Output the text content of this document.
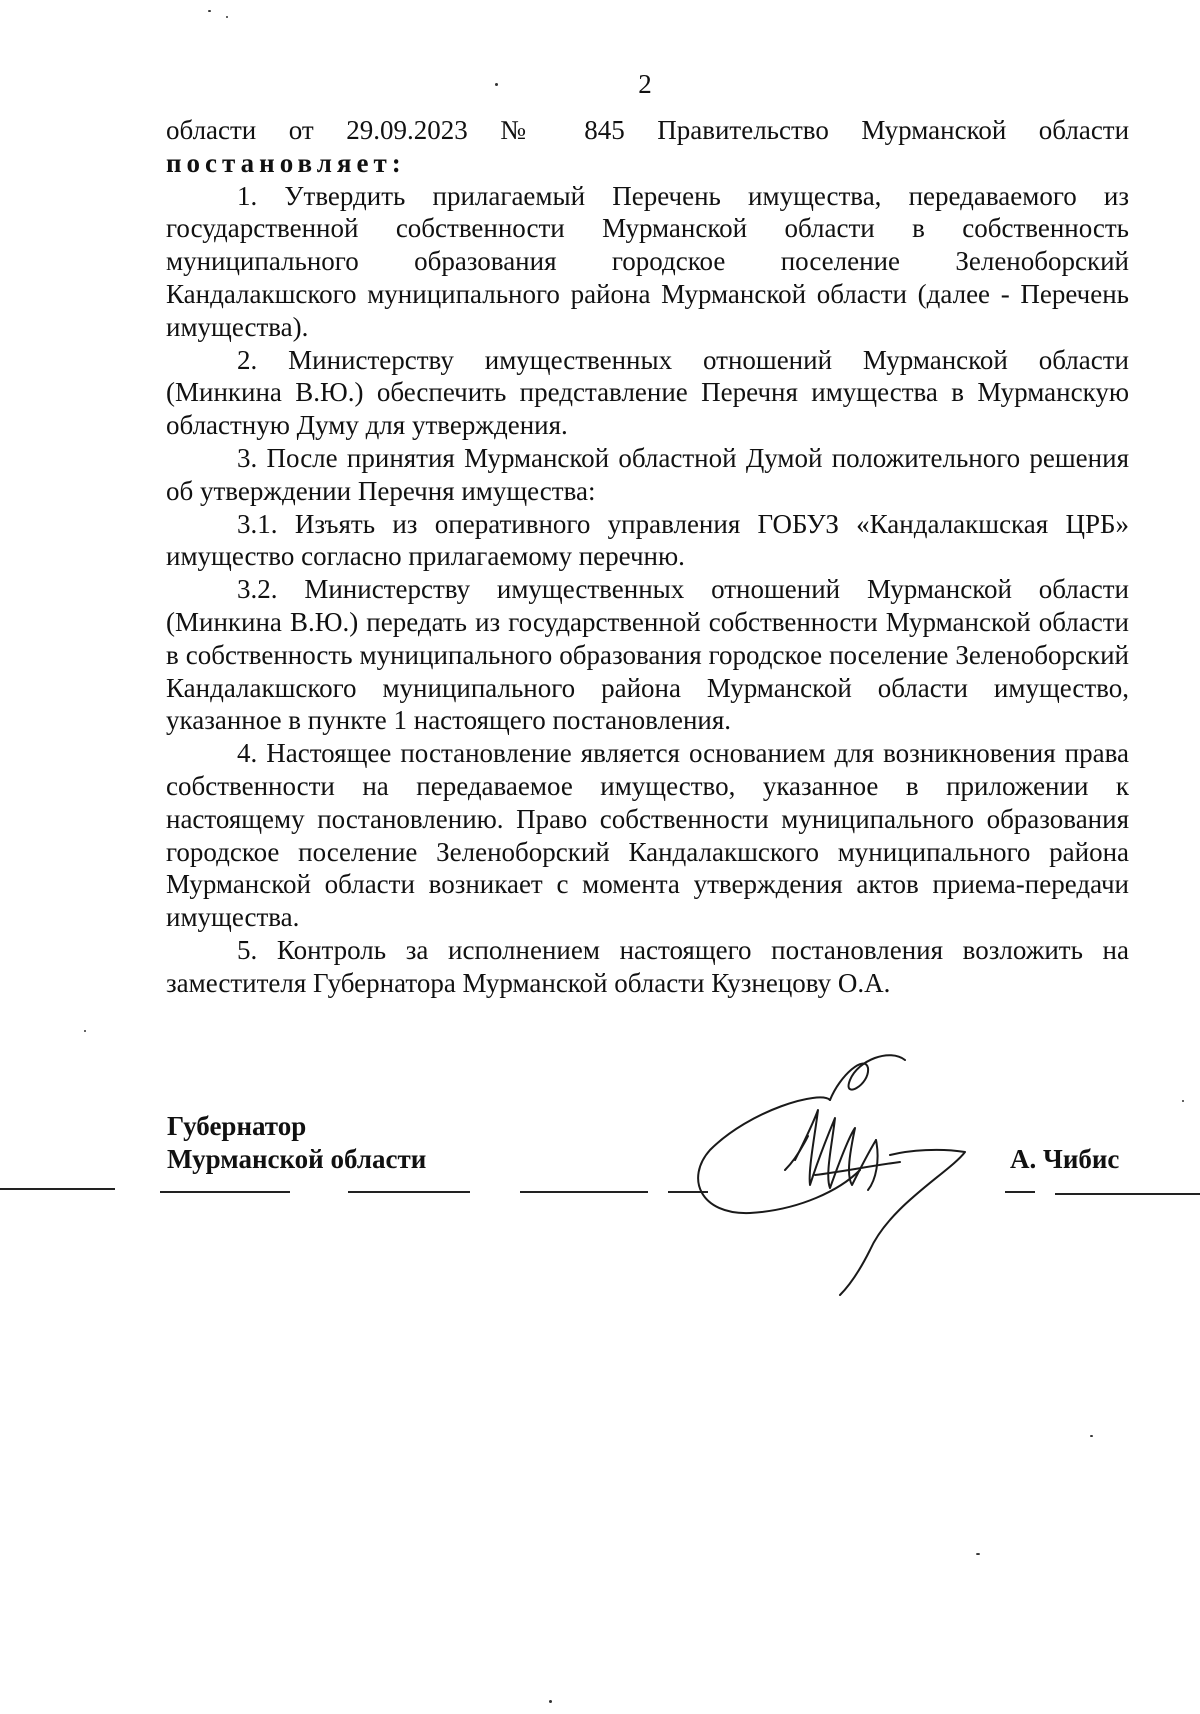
2

области от 29.09.2023 № 845 Правительство Мурманской области

постановляет:

1. Утвердить прилагаемый Перечень имущества, передаваемого из государственной собственности Мурманской области в собственность муниципального образования городское поселение Зеленоборский Кандалакшского муниципального района Мурманской области (далее - Перечень имущества).

2. Министерству имущественных отношений Мурманской области (Минкина В.Ю.) обеспечить представление Перечня имущества в Мурманскую областную Думу для утверждения.

3. После принятия Мурманской областной Думой положительного решения об утверждении Перечня имущества:

3.1. Изъять из оперативного управления ГОБУЗ «Кандалакшская ЦРБ» имущество согласно прилагаемому перечню.

3.2. Министерству имущественных отношений Мурманской области (Минкина В.Ю.) передать из государственной собственности Мурманской области в собственность муниципального образования городское поселение Зеленоборский Кандалакшского муниципального района Мурманской области имущество, указанное в пункте 1 настоящего постановления.

4. Настоящее постановление является основанием для возникновения права собственности на передаваемое имущество, указанное в приложении к настоящему постановлению. Право собственности муниципального образования городское поселение Зеленоборский Кандалакшского муниципального района Мурманской области возникает с момента утверждения актов приема-передачи имущества.

5. Контроль за исполнением настоящего постановления возложить на заместителя Губернатора Мурманской области Кузнецову О.А.

Губернатор
Мурманской области	А. Чибис
